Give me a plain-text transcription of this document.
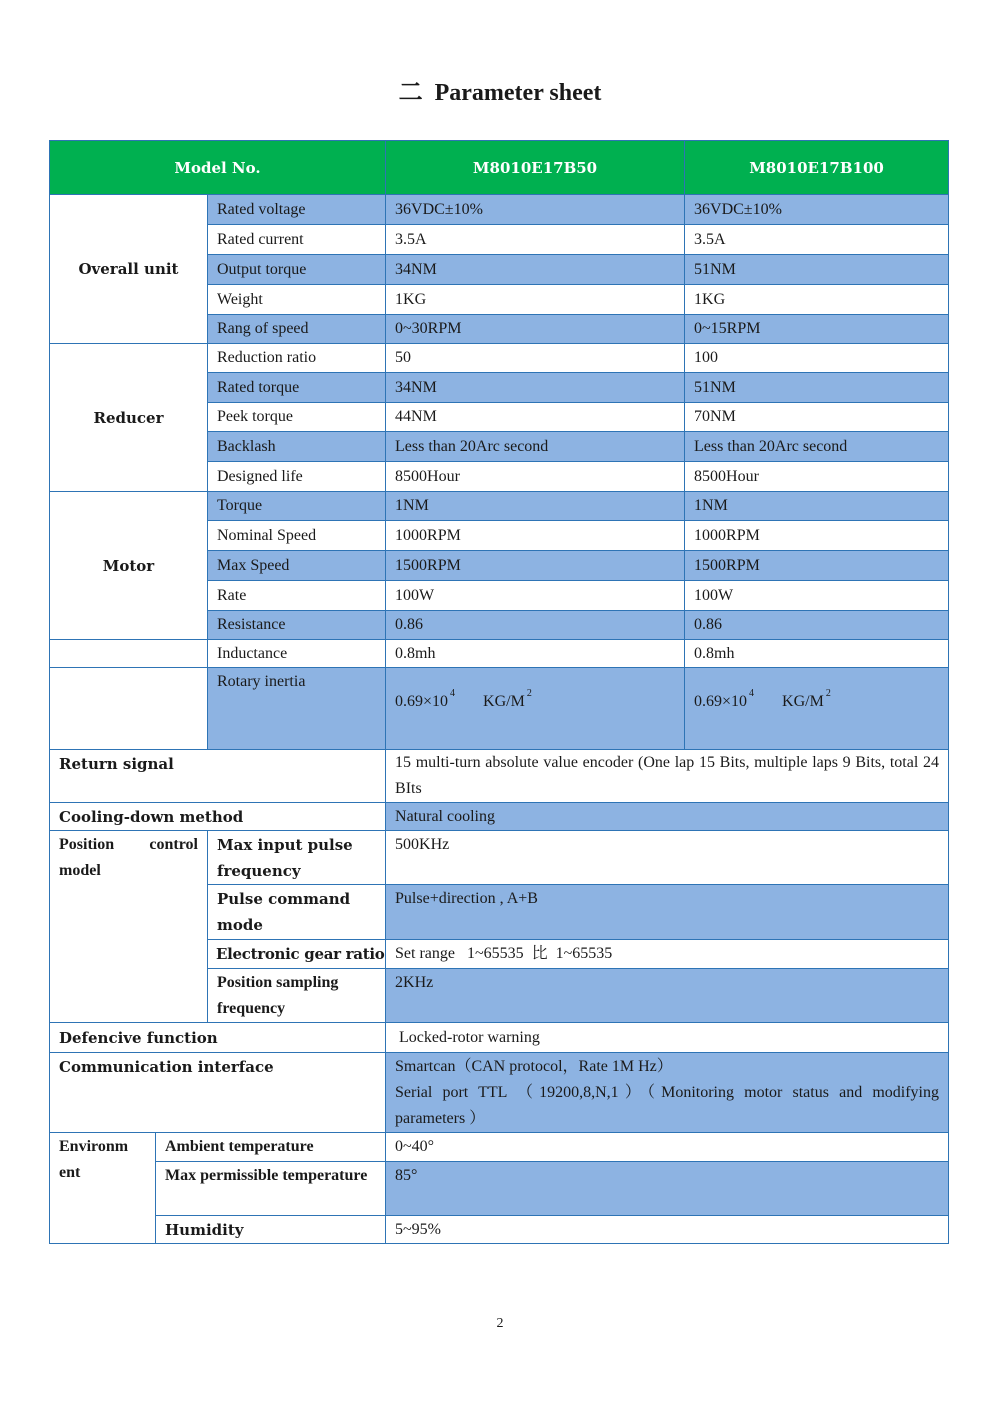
二 Parameter sheet
Model No.			M8010E17B50	M8010E17B100
Overall unit		Rated voltage	36VDC±10%	36VDC±10%
		Rated current	3.5A	3.5A
		Output torque	34NM	51NM
		Weight	1KG	1KG
		Rang of speed	0~30RPM	0~15RPM
Reducer		Reduction ratio	50	100
		Rated torque	34NM	51NM
		Peek torque	44NM	70NM
		Backlash	Less than 20Arc second	Less than 20Arc second
		Designed life	8500Hour	8500Hour
Motor		Torque	1NM	1NM
		Nominal Speed	1000RPM	1000RPM
		Max Speed	1500RPM	1500RPM
		Rate	100W	100W
		Resistance	0.86	0.86
		Inductance	0.8mh	0.8mh
		Rotary inertia	0.69×10 $^4$ KG/M $^2$	0.69×10 $^4$ KG/M $^2$
Return signal			15 multi-turn absolute value encoder (One lap 15 Bits, multiple laps 9 Bits, total 24 BIts	
Cooling-down method			Natural cooling	
Position control model		Max input pulse frequency	500KHz	
		Pulse command mode	Pulse+direction , A+B	
		Electronic gear ratio	Set range   1~65535  比  1~65535	
		Position sampling frequency	2KHz	
Defencive function			Locked-rotor warning	
Communication interface			Smartcan（CAN protocol，Rate 1M Hz）
Serial port TTL （19200,8,N,1）（Monitoring motor status and modifying parameters ）	

Environm ent	Ambient temperature		0~40°	
	Max permissible temperature		85°	
	Humidity		5~95%	
2
